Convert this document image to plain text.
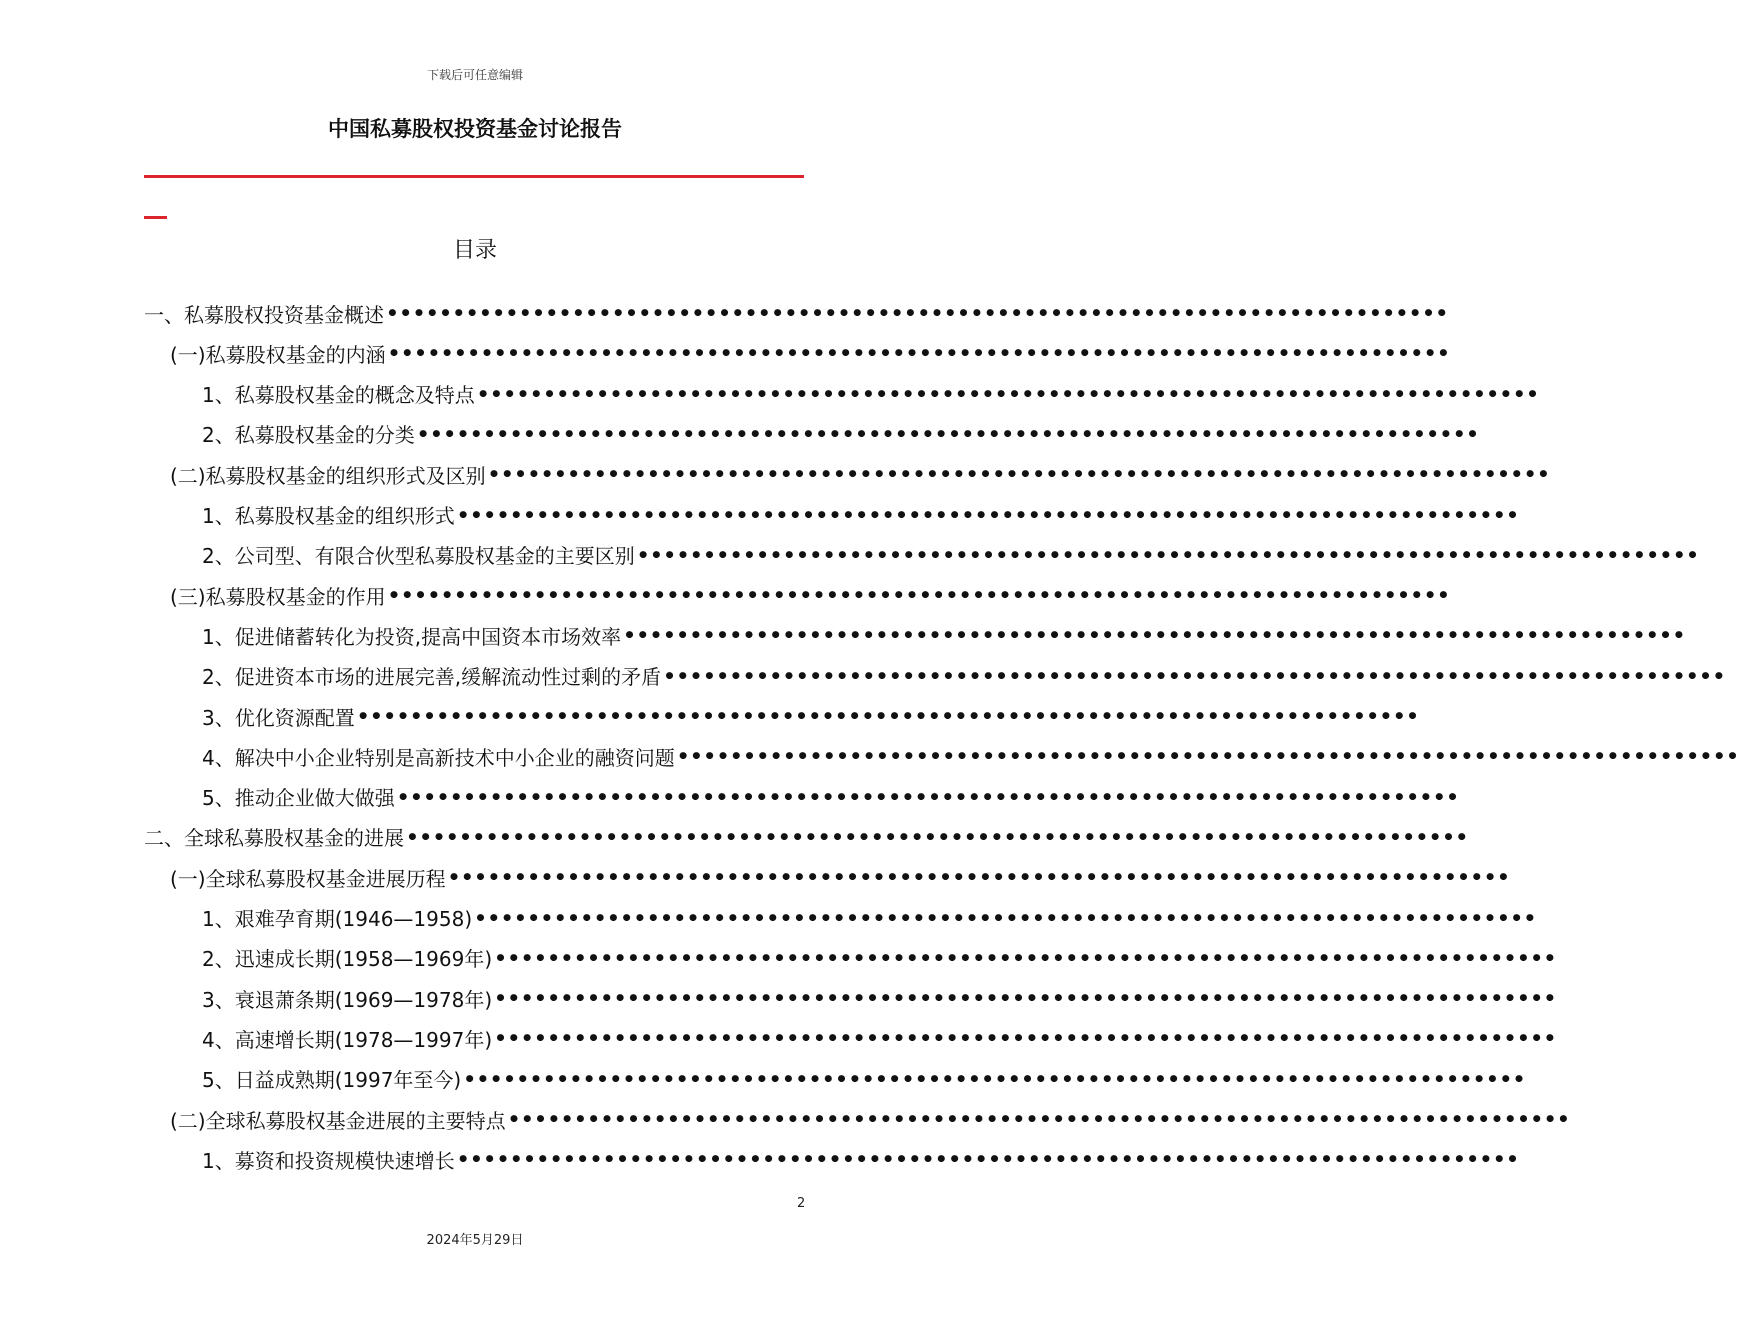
下载后可任意编辑
中国私募股权投资基金讨论报告
目录
一、私募股权投资基金概述 ••••••••••••••••••••••••••••••••••••••••••••••••••••••••••••••••••••••••••••••••
(一)私募股权基金的内涵 ••••••••••••••••••••••••••••••••••••••••••••••••••••••••••••••••••••••••••••••••
1、私募股权基金的概念及特点 ••••••••••••••••••••••••••••••••••••••••••••••••••••••••••••••••••••••••••••••••
2、私募股权基金的分类 ••••••••••••••••••••••••••••••••••••••••••••••••••••••••••••••••••••••••••••••••
(二)私募股权基金的组织形式及区别 ••••••••••••••••••••••••••••••••••••••••••••••••••••••••••••••••••••••••••••••••
1、私募股权基金的组织形式 ••••••••••••••••••••••••••••••••••••••••••••••••••••••••••••••••••••••••••••••••
2、公司型、有限合伙型私募股权基金的主要区别 ••••••••••••••••••••••••••••••••••••••••••••••••••••••••••••••••••••••••••••••••
(三)私募股权基金的作用 ••••••••••••••••••••••••••••••••••••••••••••••••••••••••••••••••••••••••••••••••
1、促进储蓄转化为投资,提高中国资本市场效率 ••••••••••••••••••••••••••••••••••••••••••••••••••••••••••••••••••••••••••••••••
2、促进资本市场的进展完善,缓解流动性过剩的矛盾 ••••••••••••••••••••••••••••••••••••••••••••••••••••••••••••••••••••••••••••••••
3、优化资源配置 ••••••••••••••••••••••••••••••••••••••••••••••••••••••••••••••••••••••••••••••••
4、解决中小企业特别是高新技术中小企业的融资问题 ••••••••••••••••••••••••••••••••••••••••••••••••••••••••••••••••••••••••••••••••
5、推动企业做大做强 ••••••••••••••••••••••••••••••••••••••••••••••••••••••••••••••••••••••••••••••••
二、全球私募股权基金的进展 ••••••••••••••••••••••••••••••••••••••••••••••••••••••••••••••••••••••••••••••••
(一)全球私募股权基金进展历程 ••••••••••••••••••••••••••••••••••••••••••••••••••••••••••••••••••••••••••••••••
1、艰难孕育期(1946—1958) ••••••••••••••••••••••••••••••••••••••••••••••••••••••••••••••••••••••••••••••••
2、迅速成长期(1958—1969年) ••••••••••••••••••••••••••••••••••••••••••••••••••••••••••••••••••••••••••••••••
3、衰退萧条期(1969—1978年) ••••••••••••••••••••••••••••••••••••••••••••••••••••••••••••••••••••••••••••••••
4、高速增长期(1978—1997年) ••••••••••••••••••••••••••••••••••••••••••••••••••••••••••••••••••••••••••••••••
5、日益成熟期(1997年至今) ••••••••••••••••••••••••••••••••••••••••••••••••••••••••••••••••••••••••••••••••
(二)全球私募股权基金进展的主要特点 ••••••••••••••••••••••••••••••••••••••••••••••••••••••••••••••••••••••••••••••••
1、募资和投资规模快速增长 ••••••••••••••••••••••••••••••••••••••••••••••••••••••••••••••••••••••••••••••••
2
2024年5月29日
